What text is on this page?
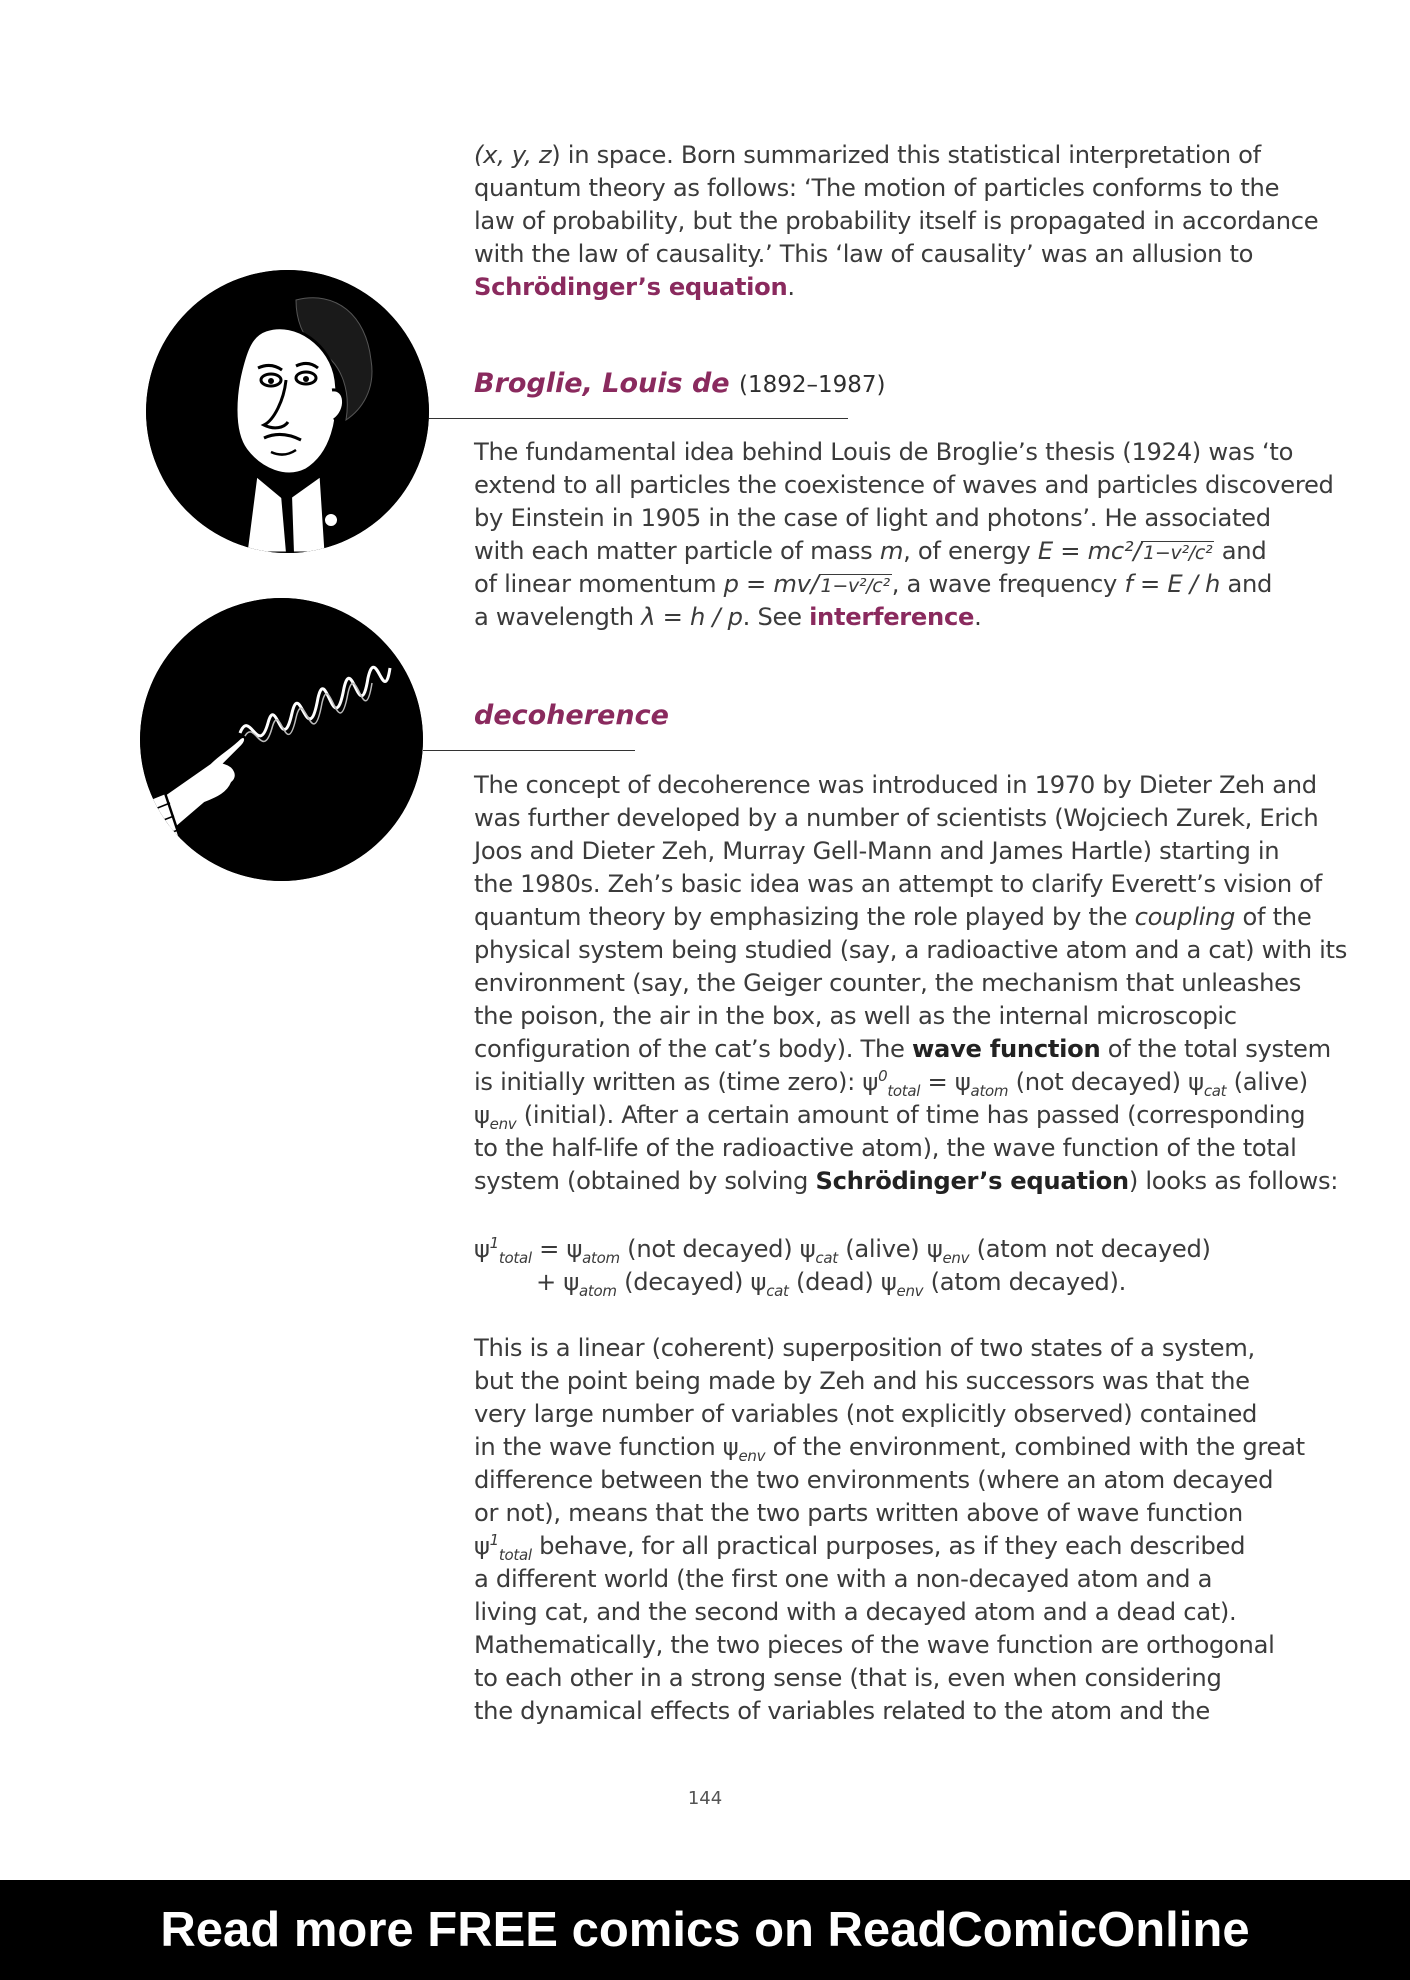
(x, y, z) in space. Born summarized this statistical interpretation of
quantum theory as follows: ‘The motion of particles conforms to the
law of probability, but the probability itself is propagated in accordance
with the law of causality.’ This ‘law of causality’ was an allusion to
Schrödinger’s equation.
Broglie, Louis de (1892–1987)
The fundamental idea behind Louis de Broglie’s thesis (1924) was ‘to
extend to all particles the coexistence of waves and particles discovered
by Einstein in 1905 in the case of light and photons’. He associated
with each matter particle of mass m, of energy E = mc²/ 1−v²/c² and
of linear momentum p = mv/ 1−v²/c², a wave frequency f = E / h and
a wavelength λ = h / p. See interference.
decoherence
The concept of decoherence was introduced in 1970 by Dieter Zeh and
was further developed by a number of scientists (Wojciech Zurek, Erich
Joos and Dieter Zeh, Murray Gell-Mann and James Hartle) starting in
the 1980s. Zeh’s basic idea was an attempt to clarify Everett’s vision of
quantum theory by emphasizing the role played by the coupling of the
physical system being studied (say, a radioactive atom and a cat) with its
environment (say, the Geiger counter, the mechanism that unleashes
the poison, the air in the box, as well as the internal microscopic
configuration of the cat’s body). The wave function of the total system
is initially written as (time zero): $\psi^0_{total} = \psi_{atom}$ (not decayed) $\psi_{cat}$ (alive)
$\psi_{env}$ (initial). After a certain amount of time has passed (corresponding
to the half-life of the radioactive atom), the wave function of the total
system (obtained by solving Schrödinger’s equation) looks as follows:
$\psi^1_{total} = \psi_{atom}$ (not decayed) $\psi_{cat}$ (alive) $\psi_{env}$ (atom not decayed)
+ $\psi_{atom}$ (decayed) $\psi_{cat}$ (dead) $\psi_{env}$ (atom decayed).
This is a linear (coherent) superposition of two states of a system,
but the point being made by Zeh and his successors was that the
very large number of variables (not explicitly observed) contained
in the wave function $\psi_{env}$ of the environment, combined with the great
difference between the two environments (where an atom decayed
or not), means that the two parts written above of wave function
$\psi^1_{total}$ behave, for all practical purposes, as if they each described
a different world (the first one with a non-decayed atom and a
living cat, and the second with a decayed atom and a dead cat).
Mathematically, the two pieces of the wave function are orthogonal
to each other in a strong sense (that is, even when considering
the dynamical effects of variables related to the atom and the
144
Read more FREE comics on ReadComicOnline
